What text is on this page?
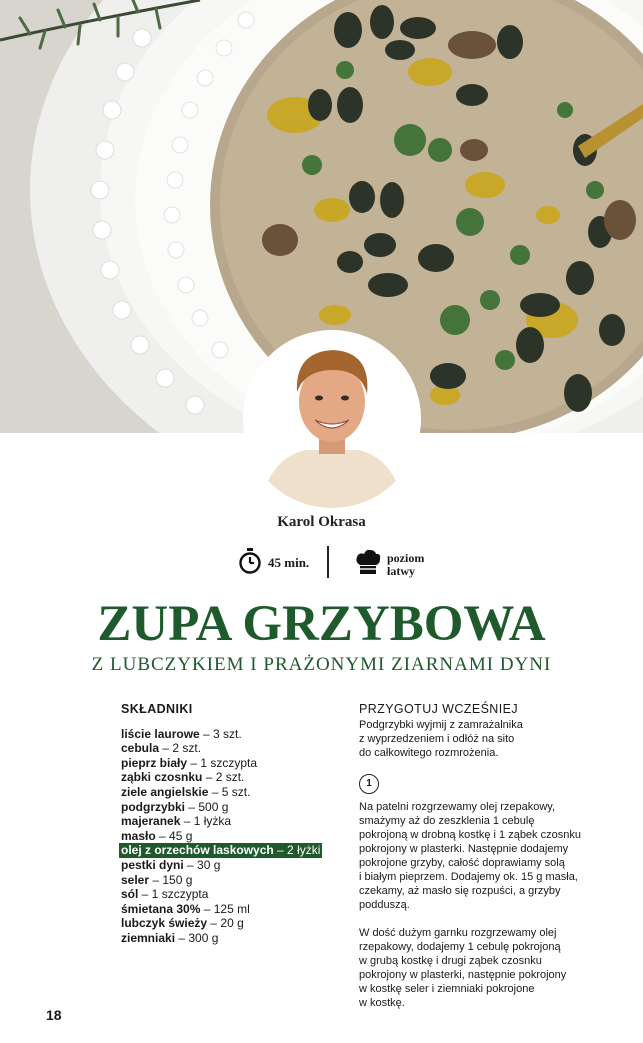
Karol Okrasa
45 min.	poziom
łatwy
ZUPA GRZYBOWA
Z LUBCZYKIEM I PRAŻONYMI ZIARNAMI DYNI
SKŁADNIKI
liście laurowe – 3 szt.
cebula – 2 szt.
pieprz biały – 1 szczypta
ząbki czosnku – 2 szt.
ziele angielskie – 5 szt.
podgrzybki – 500 g
majeranek – 1 łyżka
masło – 45 g
olej z orzechów laskowych – 2 łyżki
pestki dyni – 30 g
seler – 150 g
sól – 1 szczypta
śmietana 30% – 125 ml
lubczyk świeży – 20 g
ziemniaki – 300 g
PRZYGOTUJ WCZEŚNIEJ
Podgrzybki wyjmij z zamrażalnika
z wyprzedzeniem i odłóż na sito
do całkowitego rozmrożenia.
1
Na patelni rozgrzewamy olej rzepakowy,
smażymy aż do zeszklenia 1 cebulę
pokrojoną w drobną kostkę i 1 ząbek czosnku
pokrojony w plasterki. Następnie dodajemy
pokrojone grzyby, całość doprawiamy solą
i białym pieprzem. Dodajemy ok. 15 g masła,
czekamy, aż masło się rozpuści, a grzyby
podduszą.
W dość dużym garnku rozgrzewamy olej
rzepakowy, dodajemy 1 cebulę pokrojoną
w grubą kostkę i drugi ząbek czosnku
pokrojony w plasterki, następnie pokrojony
w kostkę seler i ziemniaki pokrojone
w kostkę.
18
